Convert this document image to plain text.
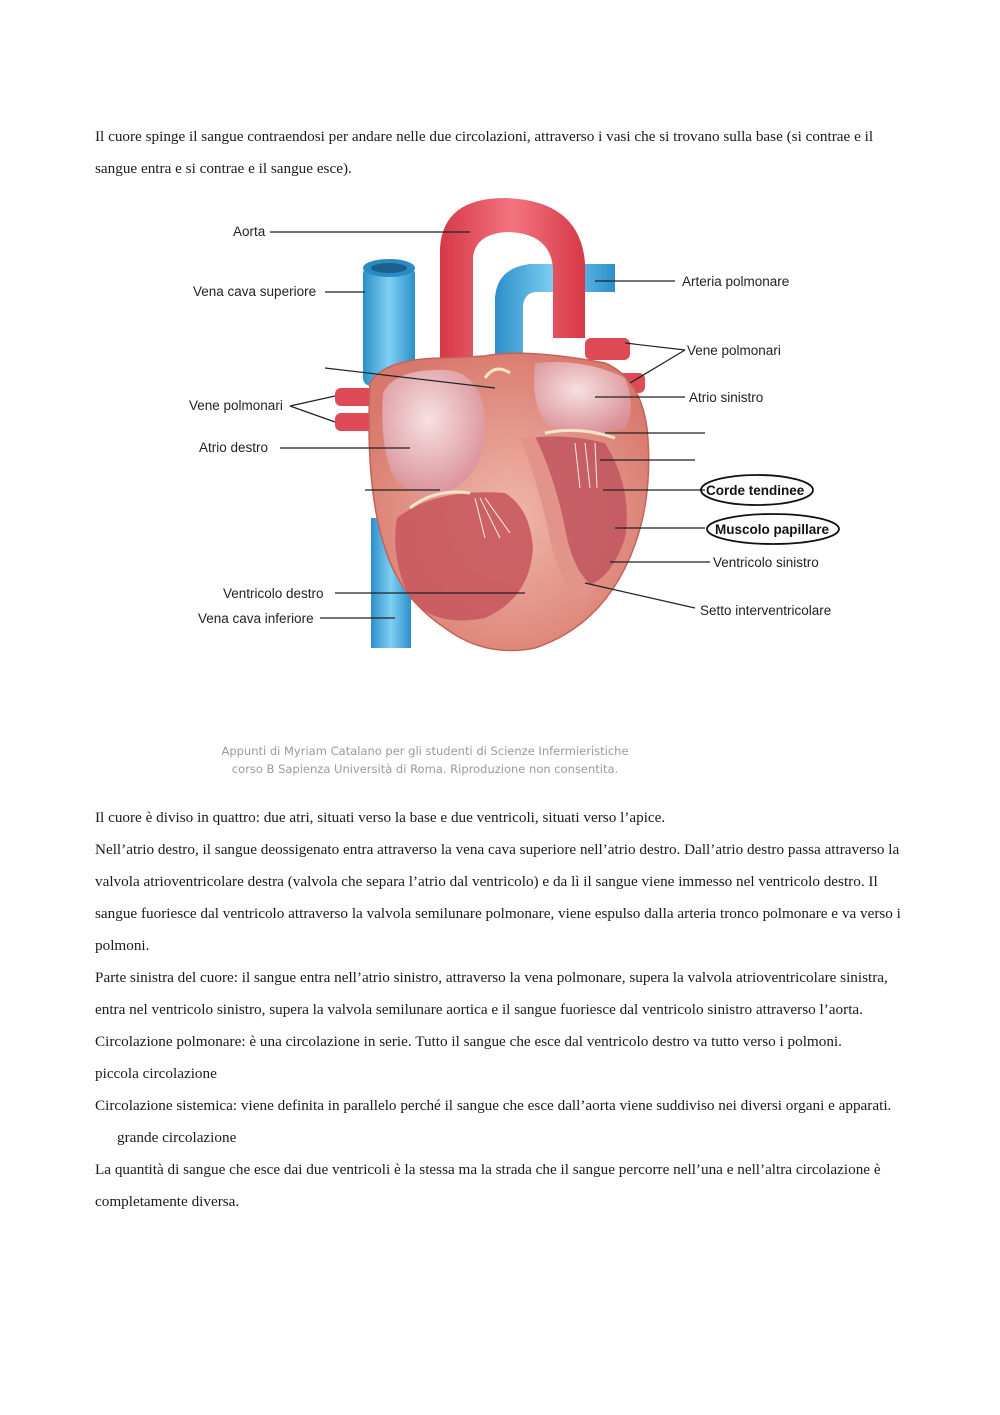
Il cuore spinge il sangue contraendosi per andare nelle due circolazioni, attraverso i vasi che si trovano sulla base (si contrae e il sangue entra e si contrae e il sangue esce).

Aorta
Vena cava superiore
Vene polmonari
Atrio destro
Ventricolo destro
Vena cava inferiore
Arteria polmonare
Vene polmonari
Atrio sinistro
Corde tendinee
Muscolo papillare
Ventricolo sinistro
Setto interventricolare
Appunti di Myriam Catalano per gli studenti di Scienze Infermieristiche
corso B Sapienza Università di Roma. Riproduzione non consentita.
Il cuore è diviso in quattro: due atri, situati verso la base e due ventricoli, situati verso l’apice.
Nell’atrio destro, il sangue deossigenato entra attraverso la vena cava superiore nell’atrio destro. Dall’atrio destro passa attraverso la valvola atrioventricolare destra (valvola che separa l’atrio dal ventricolo) e da lì il sangue viene immesso nel ventricolo destro. Il sangue fuoriesce dal ventricolo attraverso la valvola semilunare polmonare, viene espulso dalla arteria tronco polmonare e va verso i polmoni.
Parte sinistra del cuore: il sangue entra nell’atrio sinistro, attraverso la vena polmonare, supera la valvola atrioventricolare sinistra, entra nel ventricolo sinistro, supera la valvola semilunare aortica e il sangue fuoriesce dal ventricolo sinistro attraverso l’aorta.
Circolazione polmonare: è una circolazione in serie. Tutto il sangue che esce dal ventricolo destro va tutto verso i polmoni.
piccola circolazione
Circolazione sistemica: viene definita in parallelo perché il sangue che esce dall’aorta viene suddiviso nei diversi organi e apparati.grande circolazione
La quantità di sangue che esce dai due ventricoli è la stessa ma la strada che il sangue percorre nell’una e nell’altra circolazione è completamente diversa.
